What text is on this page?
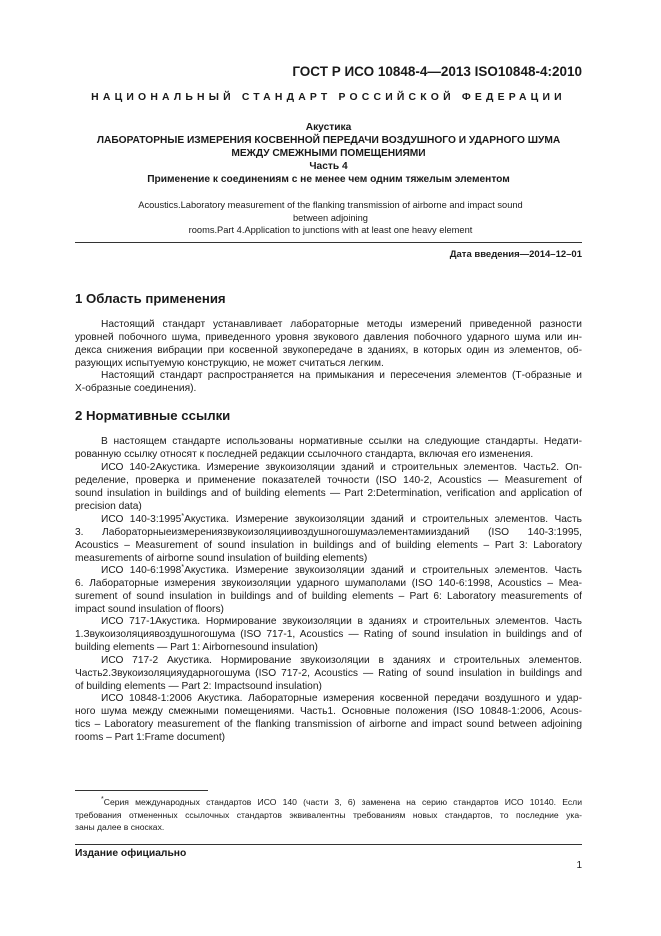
ГОСТ Р ИСО 10848-4—2013 ISO10848-4:2010
НАЦИОНАЛЬНЫЙ СТАНДАРТ РОССИЙСКОЙ ФЕДЕРАЦИИ
Акустика
ЛАБОРАТОРНЫЕ ИЗМЕРЕНИЯ КОСВЕННОЙ ПЕРЕДАЧИ ВОЗДУШНОГО И УДАРНОГО ШУМА
МЕЖДУ СМЕЖНЫМИ ПОМЕЩЕНИЯМИ
Часть 4
Применение к соединениям с не менее чем одним тяжелым элементом
Acoustics.Laboratory measurement of the flanking transmission of airborne and impact sound between adjoining
rooms.Part 4.Application to junctions with at least one heavy element
Дата введения—2014–12–01
1 Область применения
Настоящий стандарт устанавливает лабораторные методы измерений приведенной разности
уровней побочного шума, приведенного уровня звукового давления побочного ударного шума или ин-
декса снижения вибрации при косвенной звукопередаче в зданиях, в которых один из элементов, об-
разующих испытуемую конструкцию, не может считаться легким.
Настоящий стандарт распространяется на примыкания и пересечения элементов (Т-образные и
Х-образные соединения).
2 Нормативные ссылки
В настоящем стандарте использованы нормативные ссылки на следующие стандарты. Недати-
рованную ссылку относят к последней редакции ссылочного стандарта, включая его изменения.
ИСО 140-2Акустика. Измерение звукоизоляции зданий и строительных элементов. Часть2. Оп-
ределение, проверка и применение показателей точности (ISO 140-2, Acoustics — Measurement of
sound insulation in buildings and of building elements — Part 2:Determination, verification and application of
precision data)
ИСО 140-3:1995*Акустика. Измерение звукоизоляции зданий и строительных элементов. Часть
3. Лабораторныеизмерениязвукоизоляциивоздушногошумаэлементамиизданий (ISO 140-3:1995,
Acoustics – Measurement of sound insulation in buildings and of building elements – Part 3: Laboratory
measurements of airborne sound insulation of building elements)
ИСО 140-6:1998*Акустика. Измерение звукоизоляции зданий и строительных элементов. Часть
6. Лабораторные измерения звукоизоляции ударного шумаполами (ISO 140-6:1998, Acoustics – Mea-
surement of sound insulation in buildings and of building elements – Part 6: Laboratory measurements of
impact sound insulation of floors)
ИСО 717-1Акустика. Нормирование звукоизоляции в зданиях и строительных элементов. Часть
1.Звукоизоляциявоздушногошума (ISO 717-1, Acoustics — Rating of sound insulation in buildings and of
building elements — Part 1: Airbornesound insulation)
ИСО 717-2 Акустика. Нормирование звукоизоляции в зданиях и строительных элементов.
Часть2.Звукоизоляцияударногошума (ISO 717-2, Acoustics — Rating of sound insulation in buildings and
of building elements — Part 2: Impactsound insulation)
ИСО 10848-1:2006 Акустика. Лабораторные измерения косвенной передачи воздушного и удар-
ного шума между смежными помещениями. Часть1. Основные положения (ISO 10848-1:2006, Acous-
tics – Laboratory measurement of the flanking transmission of airborne and impact sound between adjoining
rooms – Part 1:Frame document)
*Серия международных стандартов ИСО 140 (части 3, 6) заменена на серию стандартов ИСО 10140. Если
требования отмененных ссылочных стандартов эквивалентны требованиям новых стандартов, то последние ука-
заны далее в сносках.
Издание официально
1
